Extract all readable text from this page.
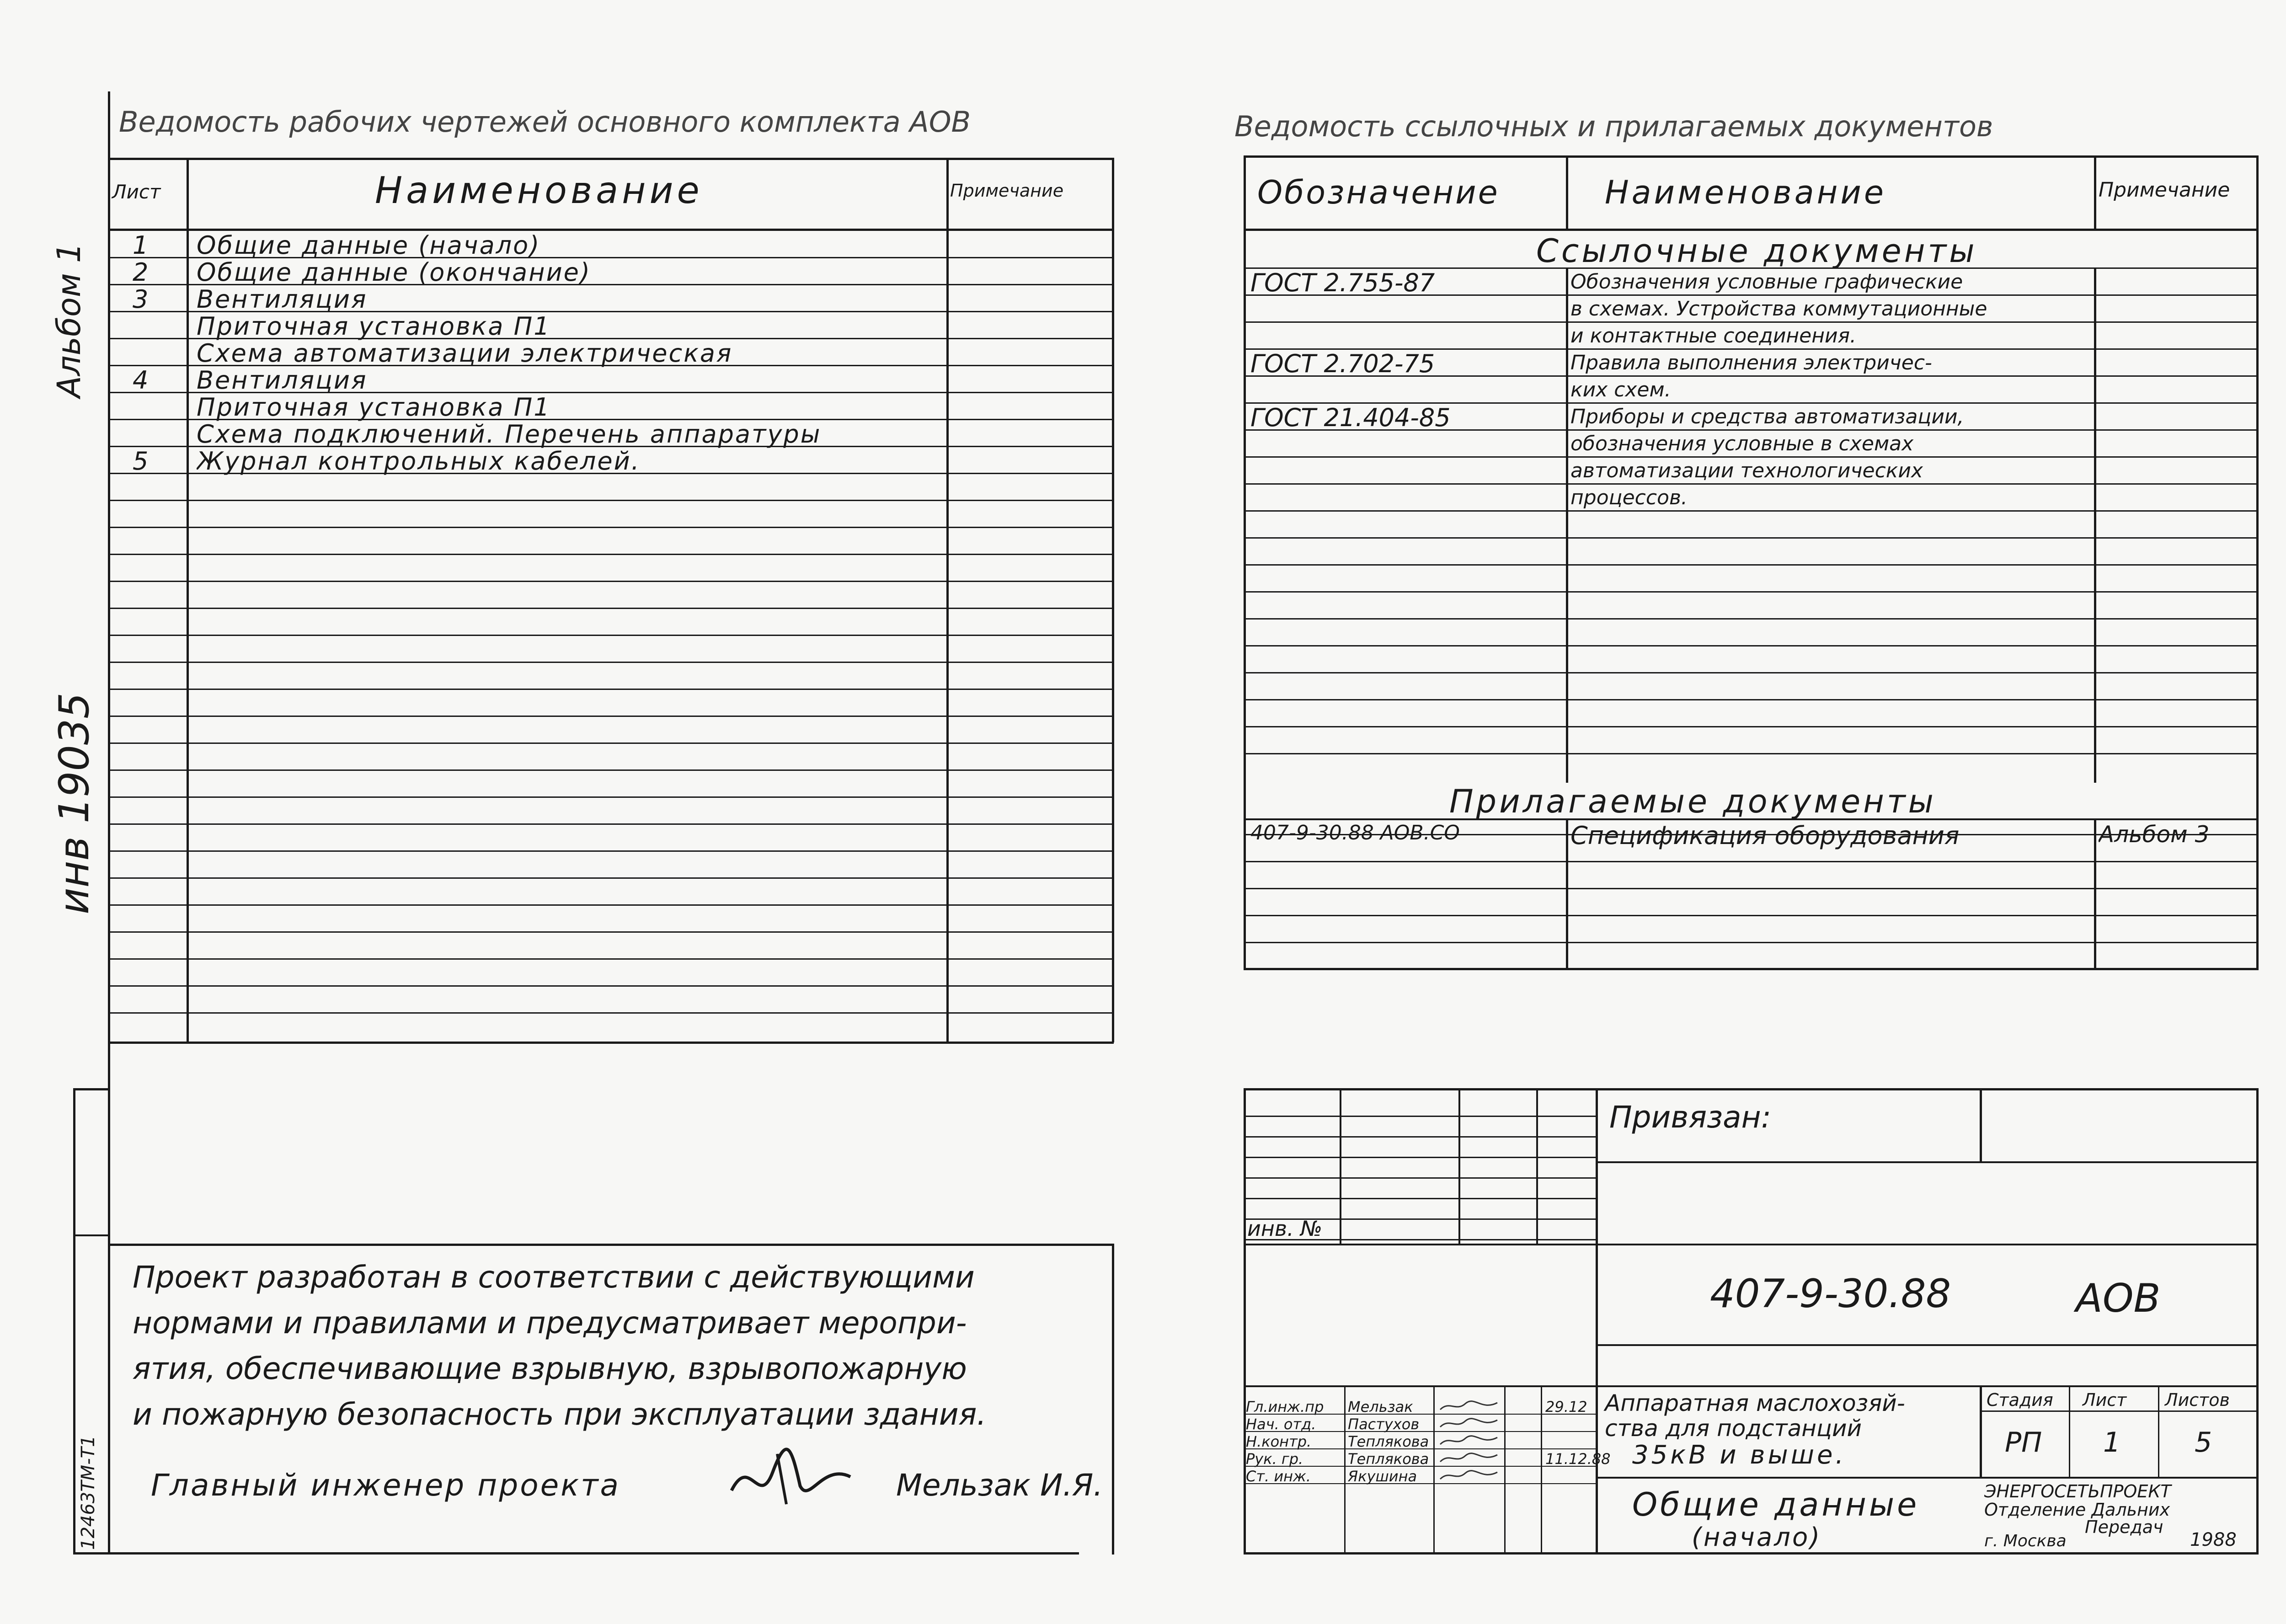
Альбом 1
инв 19035
12463ТМ-Т1
Ведомость рабочих чертежей основного комплекта АОВ
Лист	Наименование	Примечание
1 Общие данные (начало)
2 Общие данные (окончание)
3 Вентиляция
Приточная установка П1
Схема автоматизации электрическая
4 Вентиляция
Приточная установка П1
Схема подключений. Перечень аппаратуры
5 Журнал контрольных кабелей.
Ведомость ссылочных и прилагаемых документов
Обозначение	Наименование	Примечание
Ссылочные документы
Прилагаемые документы
ГОСТ 2.755-87	Обозначения условные графические
в схемах. Устройства коммутационные
и контактные соединения.
ГОСТ 2.702-75	Правила выполнения электричес-
ких схем.
ГОСТ 21.404-85	Приборы и средства автоматизации,
обозначения условные в схемах
автоматизации технологических
процессов.
407-9-30.88 АОВ.СО	Спецификация оборудования	Альбом 3
Проект разработан в соответствии с действующими
нормами и правилами и предусматривает меропри-
ятия, обеспечивающие взрывную, взрывопожарную
и пожарную безопасность при эксплуатации здания.
Главный инженер проекта	Мельзак И.Я.
Привязан:
инв. №
407-9-30.88	АОВ
Гл.инж.пр Мельзак	29.12
Нач. отд. Пастухов
Н.контр. Теплякова
Рук. гр.	Теплякова	11.12.88
Ст. инж.	Якушина
Аппаратная маслохозяй-
ства для подстанций
35кВ и выше.
Стадия Лист Листов
РП 1	5
Общие данные
(начало)
ЭНЕРГОСЕТЬПРОЕКТ
Отделение Дальних
Передач
г. Москва	1988
